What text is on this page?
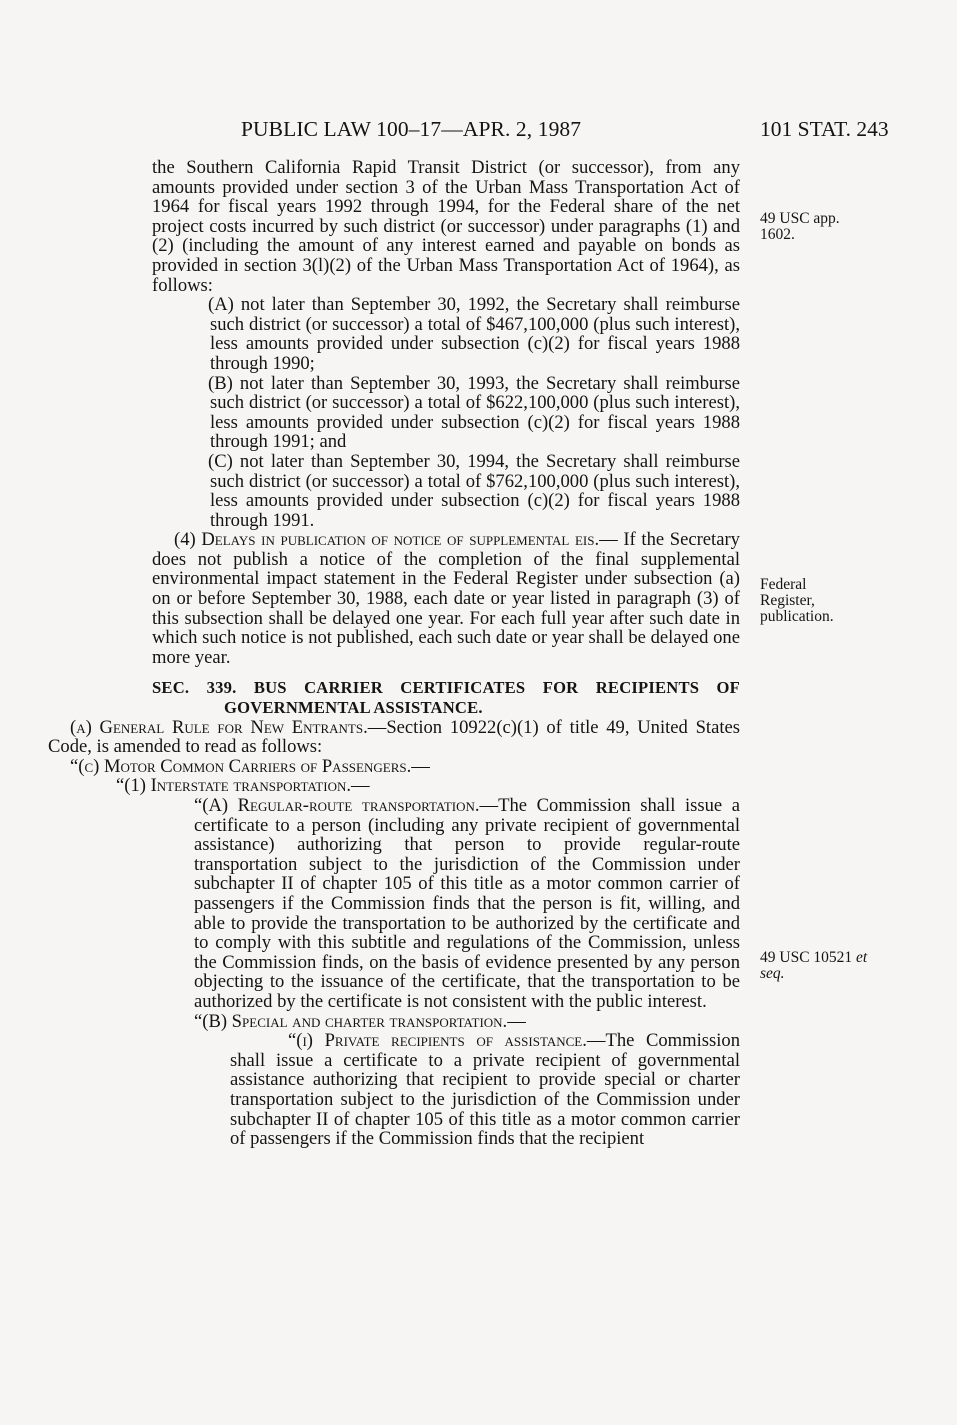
PUBLIC LAW 100–17—APR. 2, 1987	101 STAT. 243
49 USC app.
1602.
Federal
Register,
publication.
49 USC 10521 et
seq.

the Southern California Rapid Transit District (or successor), from any amounts provided under section 3 of the Urban Mass Transportation Act of 1964 for fiscal years 1992 through 1994, for the Federal share of the net project costs incurred by such district (or successor) under paragraphs (1) and (2) (including the amount of any interest earned and payable on bonds as provided in section 3(l)(2) of the Urban Mass Transportation Act of 1964), as follows:

(A) not later than September 30, 1992, the Secretary shall reimburse such district (or successor) a total of $467,100,000 (plus such interest), less amounts provided under subsection (c)(2) for fiscal years 1988 through 1990;

(B) not later than September 30, 1993, the Secretary shall reimburse such district (or successor) a total of $622,100,000 (plus such interest), less amounts provided under subsection (c)(2) for fiscal years 1988 through 1991; and

(C) not later than September 30, 1994, the Secretary shall reimburse such district (or successor) a total of $762,100,000 (plus such interest), less amounts provided under subsection (c)(2) for fiscal years 1988 through 1991.

(4) Delays in publication of notice of supplemental eis.— If the Secretary does not publish a notice of the completion of the final supplemental environmental impact statement in the Federal Register under subsection (a) on or before September 30, 1988, each date or year listed in paragraph (3) of this subsection shall be delayed one year. For each full year after such date in which such notice is not published, each such date or year shall be delayed one more year.

SEC. 339. BUS CARRIER CERTIFICATES FOR RECIPIENTS OF GOVERNMENTAL ASSISTANCE.

(a) General Rule for New Entrants.—Section 10922(c)(1) of title 49, United States Code, is amended to read as follows:

“(c) Motor Common Carriers of Passengers.—

“(1) Interstate transportation.—

“(A) Regular-route transportation.—The Commission shall issue a certificate to a person (including any private recipient of governmental assistance) authorizing that person to provide regular-route transportation subject to the jurisdiction of the Commission under subchapter II of chapter 105 of this title as a motor common carrier of passengers if the Commission finds that the person is fit, willing, and able to provide the transportation to be authorized by the certificate and to comply with this subtitle and regulations of the Commission, unless the Commission finds, on the basis of evidence presented by any person objecting to the issuance of the certificate, that the transportation to be authorized by the certificate is not consistent with the public interest.

“(B) Special and charter transportation.—

“(i) Private recipients of assistance.—The Commission shall issue a certificate to a private recipient of governmental assistance authorizing that recipient to provide special or charter transportation subject to the jurisdiction of the Commission under subchapter II of chapter 105 of this title as a motor common carrier of passengers if the Commission finds that the recipient
